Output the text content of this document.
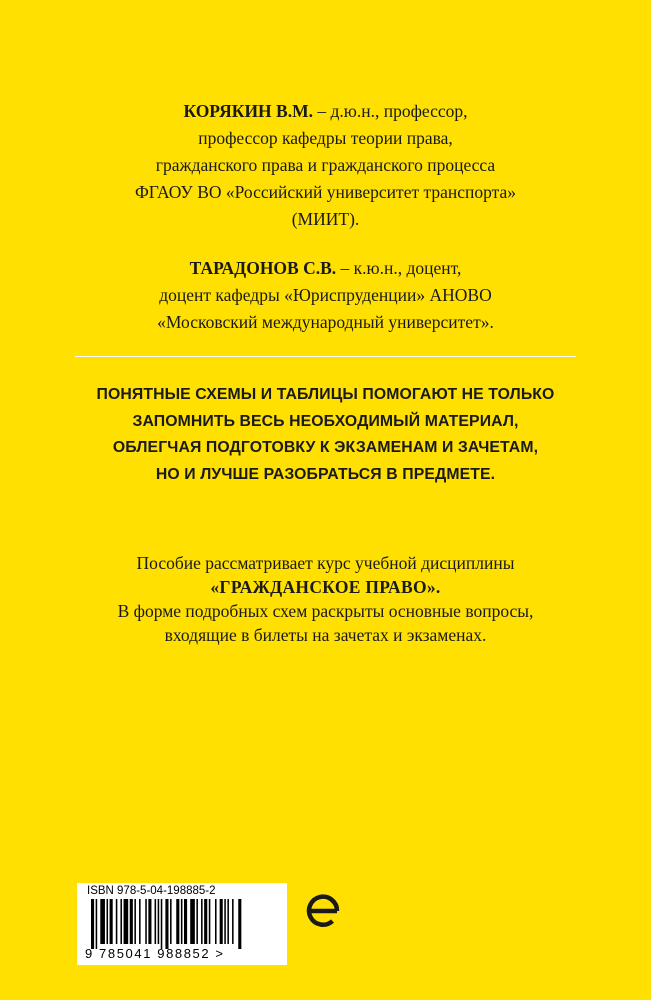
КОРЯКИН В.М. – д.ю.н., профессор,
профессор кафедры теории права,
гражданского права и гражданского процесса
ФГАОУ ВО «Российский университет транспорта»
(МИИТ).

ТАРАДОНОВ С.В. – к.ю.н., доцент,
доцент кафедры «Юриспруденции» АНОВО
«Московский международный университет».

ПОНЯТНЫЕ СХЕМЫ И ТАБЛИЦЫ ПОМОГАЮТ НЕ ТОЛЬКО
ЗАПОМНИТЬ ВЕСЬ НЕОБХОДИМЫЙ МАТЕРИАЛ,
ОБЛЕГЧАЯ ПОДГОТОВКУ К ЭКЗАМЕНАМ И ЗАЧЕТАМ,
НО И ЛУЧШЕ РАЗОБРАТЬСЯ В ПРЕДМЕТЕ.
Пособие рассматривает курс учебной дисциплины
«ГРАЖДАНСКОЕ ПРАВО».
В форме подробных схем раскрыты основные вопросы,
входящие в билеты на зачетах и экзаменах.
ISBN 978-5-04-198885-2
9 785041 988852 >
